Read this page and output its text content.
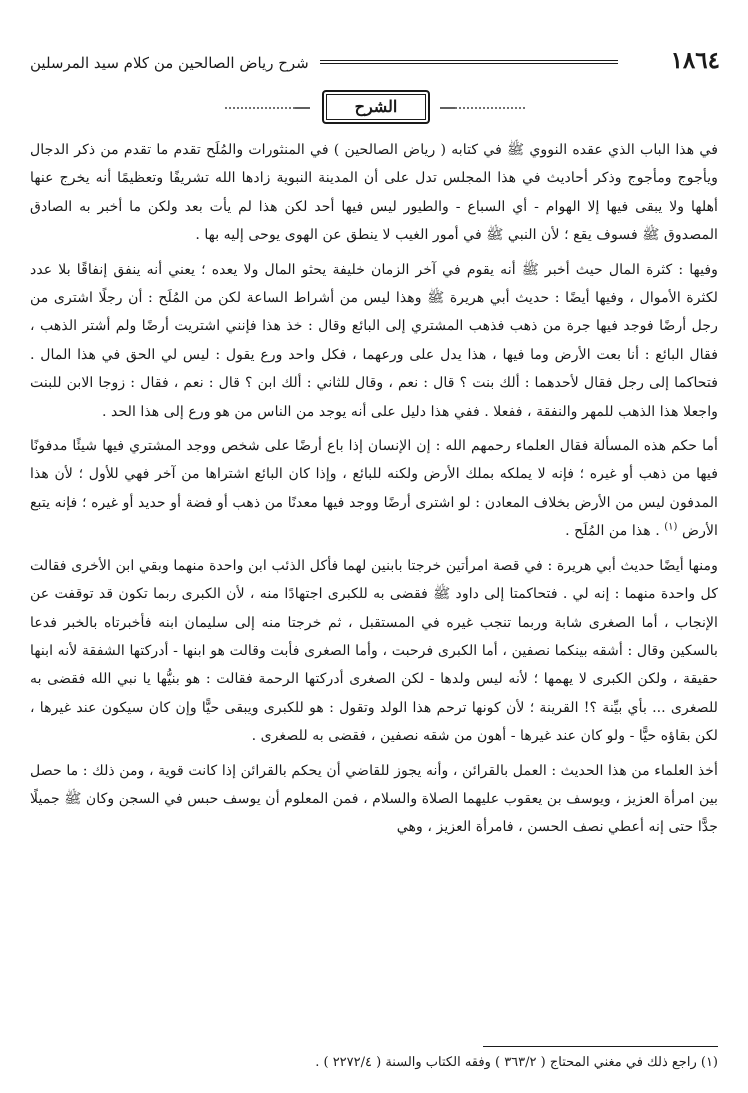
١٨٦٤
شرح رياض الصالحين من كلام سيد المرسلين
الشرح

في هذا الباب الذي عقده النووي ﷺ في كتابه ( رياض الصالحين ) في المنثورات والمُلَح تقدم ما تقدم من ذكر الدجال ويأجوج ومأجوج وذكر أحاديث في هذا المجلس تدل على أن المدينة النبوية زادها الله تشريفًا وتعظيمًا أنه يخرج عنها أهلها ولا يبقى فيها إلا الهوام - أي السباع - والطيور ليس فيها أحد لكن هذا لم يأت بعد ولكن ما أخبر به الصادق المصدوق ﷺ فسوف يقع ؛ لأن النبي ﷺ في أمور الغيب لا ينطق عن الهوى يوحى إليه بها .

وفيها : كثرة المال حيث أخبر ﷺ أنه يقوم في آخر الزمان خليفة يحثو المال ولا يعده ؛ يعني أنه ينفق إنفاقًا بلا عدد لكثرة الأموال ، وفيها أيضًا : حديث أبي هريرة ﷺ وهذا ليس من أشراط الساعة لكن من المُلَح : أن رجلًا اشترى من رجل أرضًا فوجد فيها جرة من ذهب فذهب المشتري إلى البائع وقال : خذ هذا فإنني اشتريت أرضًا ولم أشتر الذهب ، فقال البائع : أنا بعت الأرض وما فيها ، هذا يدل على ورعهما ، فكل واحد ورع يقول : ليس لي الحق في هذا المال . فتحاكما إلى رجل فقال لأحدهما : ألك بنت ؟ قال : نعم ، وقال للثاني : ألك ابن ؟ قال : نعم ، فقال : زوجا الابن للبنت واجعلا هذا الذهب للمهر والنفقة ، ففعلا . ففي هذا دليل على أنه يوجد من الناس من هو ورع إلى هذا الحد .

أما حكم هذه المسألة فقال العلماء رحمهم الله : إن الإنسان إذا باع أرضًا على شخص ووجد المشتري فيها شيئًا مدفونًا فيها من ذهب أو غيره ؛ فإنه لا يملكه بملك الأرض ولكنه للبائع ، وإذا كان البائع اشتراها من آخر فهي للأول ؛ لأن هذا المدفون ليس من الأرض بخلاف المعادن : لو اشترى أرضًا ووجد فيها معدنًا من ذهب أو فضة أو حديد أو غيره ؛ فإنه يتبع الأرض $^{(١)}$ . هذا من المُلَح .

ومنها أيضًا حديث أبي هريرة : في قصة امرأتين خرجتا بابنين لهما فأكل الذئب ابن واحدة منهما وبقي ابن الأخرى فقالت كل واحدة منهما : إنه لي . فتحاكمتا إلى داود ﷺ فقضى به للكبرى اجتهادًا منه ، لأن الكبرى ربما تكون قد توقفت عن الإنجاب ، أما الصغرى شابة وربما تنجب غيره في المستقبل ، ثم خرجتا منه إلى سليمان ابنه فأخبرتاه بالخبر فدعا بالسكين وقال : أشقه بينكما نصفين ، أما الكبرى فرحبت ، وأما الصغرى فأبت وقالت هو ابنها - أدركتها الشفقة لأنه ابنها حقيقة ، ولكن الكبرى لا يهمها ؛ لأنه ليس ولدها - لكن الصغرى أدركتها الرحمة فقالت : هو بنيُّها يا نبي الله فقضى به للصغرى ... بأي بيِّنة ؟! القرينة ؛ لأن كونها ترحم هذا الولد وتقول : هو للكبرى ويبقى حيًّا وإن كان سيكون عند غيرها ، لكن بقاؤه حيًّا - ولو كان عند غيرها - أهون من شقه نصفين ، فقضى به للصغرى .

أخذ العلماء من هذا الحديث : العمل بالقرائن ، وأنه يجوز للقاضي أن يحكم بالقرائن إذا كانت قوية ، ومن ذلك : ما حصل بين امرأة العزيز ، ويوسف بن يعقوب عليهما الصلاة والسلام ، فمن المعلوم أن يوسف حبس في السجن وكان ﷺ جميلًا جدًّا حتى إنه أعطي نصف الحسن ، فامرأة العزيز ، وهي

(١) راجع ذلك في مغني المحتاج ( ٣٦٣/٢ ) وفقه الكتاب والسنة ( ٢٢٧٢/٤ ) .
